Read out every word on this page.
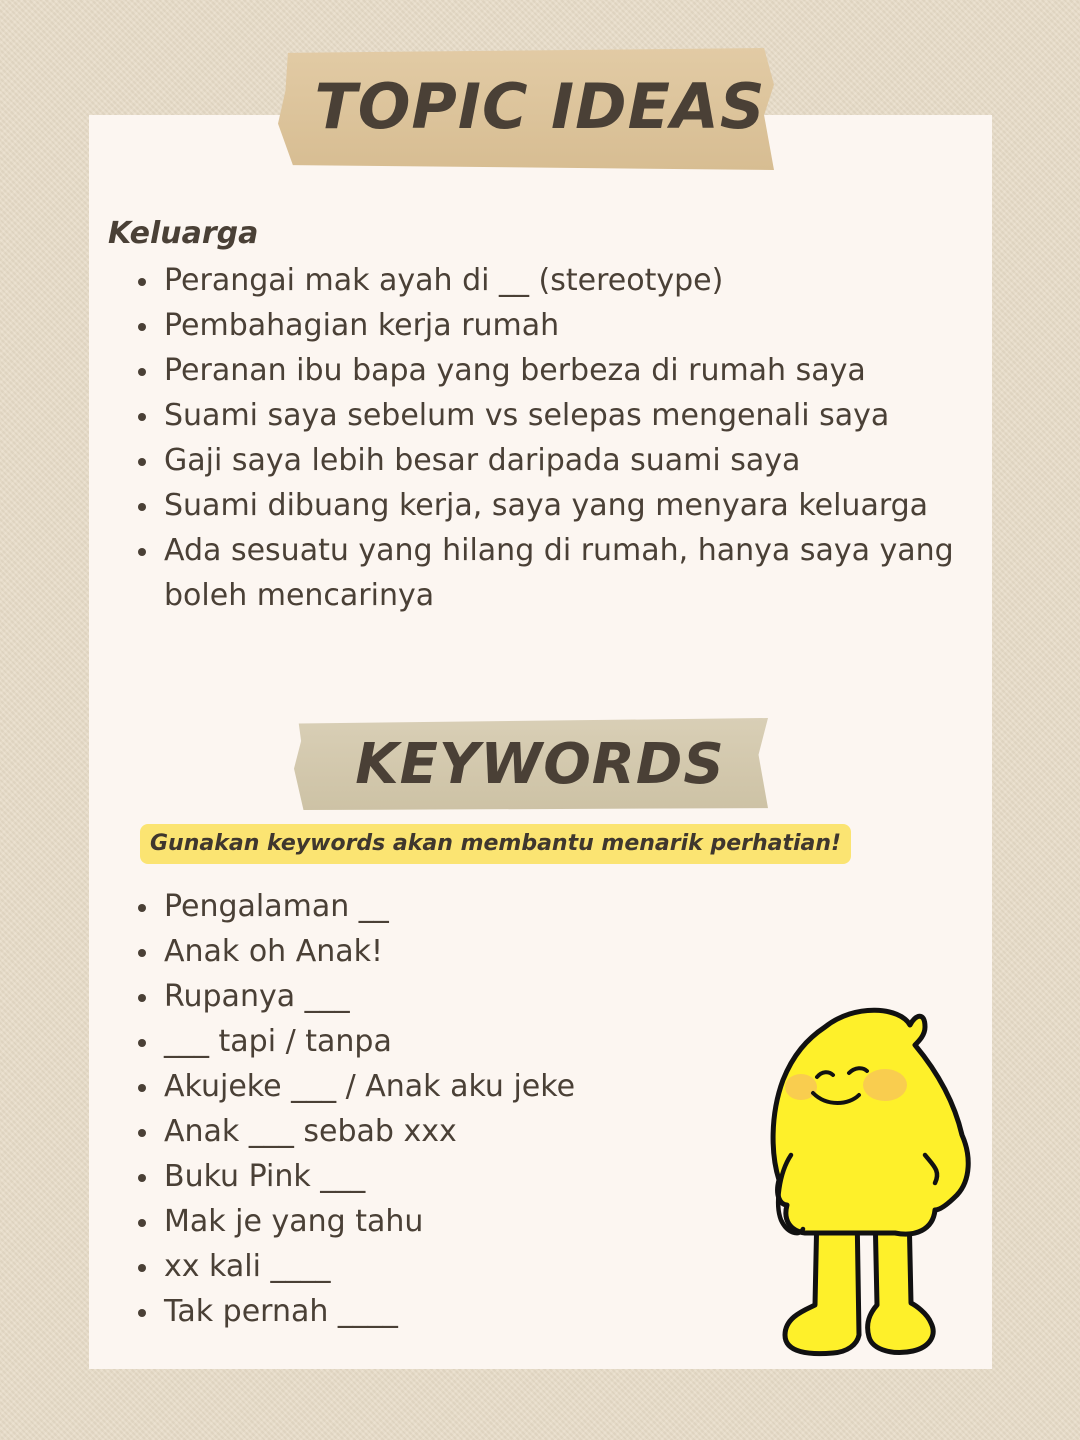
TOPIC IDEAS
Keluarga
Perangai mak ayah di __ (stereotype)
Pembahagian kerja rumah
Peranan ibu bapa yang berbeza di rumah saya
Suami saya sebelum vs selepas mengenali saya
Gaji saya lebih besar daripada suami saya
Suami dibuang kerja, saya yang menyara keluarga
Ada sesuatu yang hilang di rumah, hanya saya yang boleh mencarinya
KEYWORDS
Gunakan keywords akan membantu menarik perhatian!
Pengalaman __
Anak oh Anak!
Rupanya ___
___ tapi / tanpa
Akujeke ___ / Anak aku jeke
Anak ___ sebab xxx
Buku Pink ___
Mak je yang tahu
xx kali ____
Tak pernah ____
